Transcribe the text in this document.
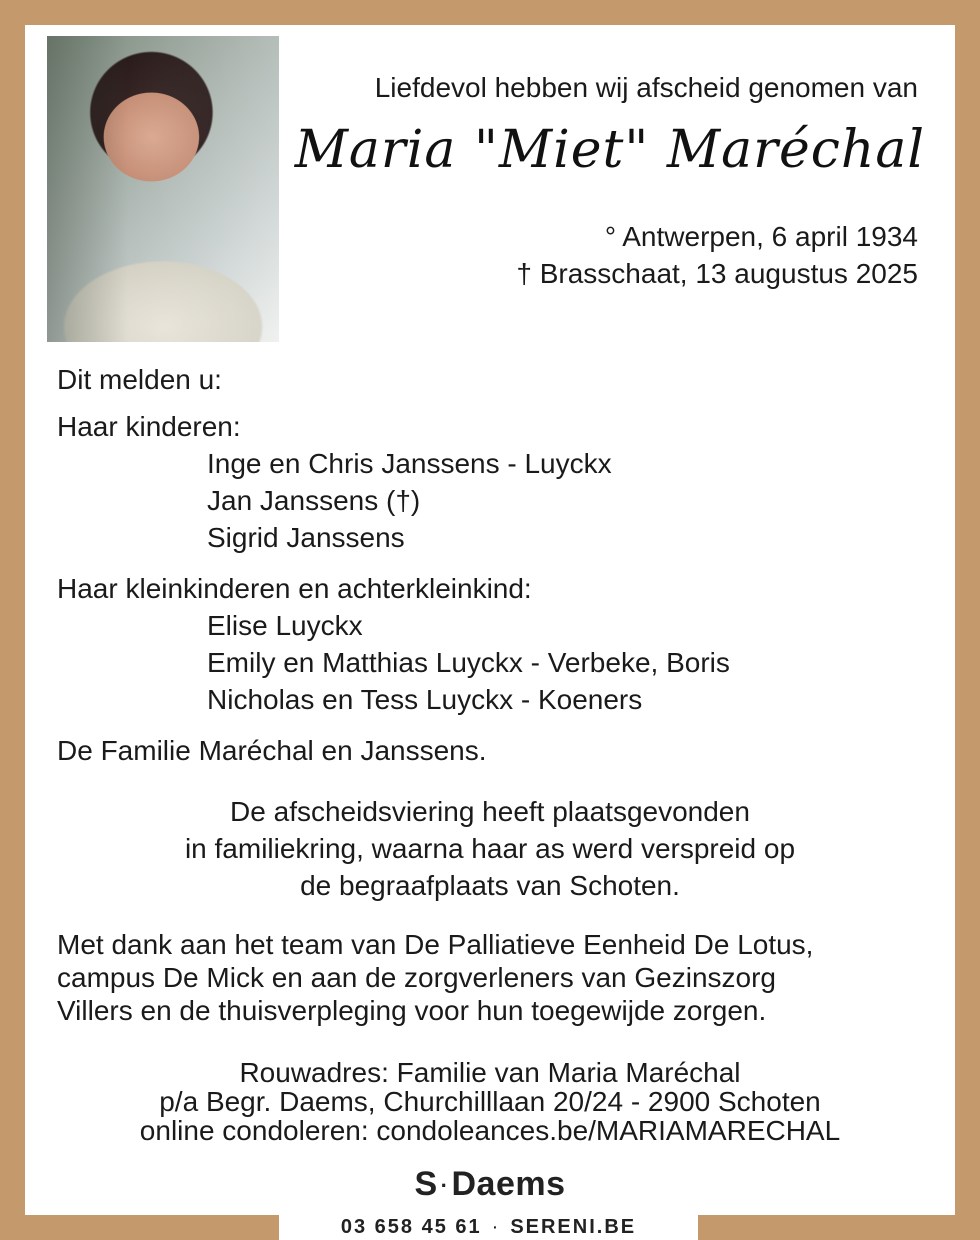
Liefdevol hebben wij afscheid genomen van
Maria "Miet" Maréchal
° Antwerpen, 6 april 1934
† Brasschaat, 13 augustus 2025
Dit melden u:
Haar kinderen:
Inge en Chris Janssens - Luyckx
Jan Janssens (†)
Sigrid Janssens
Haar kleinkinderen en achterkleinkind:
Elise Luyckx
Emily en Matthias Luyckx - Verbeke, Boris
Nicholas en Tess Luyckx - Koeners
De Familie Maréchal en Janssens.
De afscheidsviering heeft plaatsgevonden
in familiekring, waarna haar as werd verspreid op
de begraafplaats van Schoten.
Met dank aan het team van De Palliatieve Eenheid De Lotus,
campus De Mick en aan de zorgverleners van Gezinszorg
Villers en de thuisverpleging voor hun toegewijde zorgen.
Rouwadres: Familie van Maria Maréchal
p/a Begr. Daems, Churchilllaan 20/24 - 2900 Schoten
online condoleren: condoleances.be/MARIAMARECHAL
S ·Daems
03 658 45 61 · SERENI.BE
